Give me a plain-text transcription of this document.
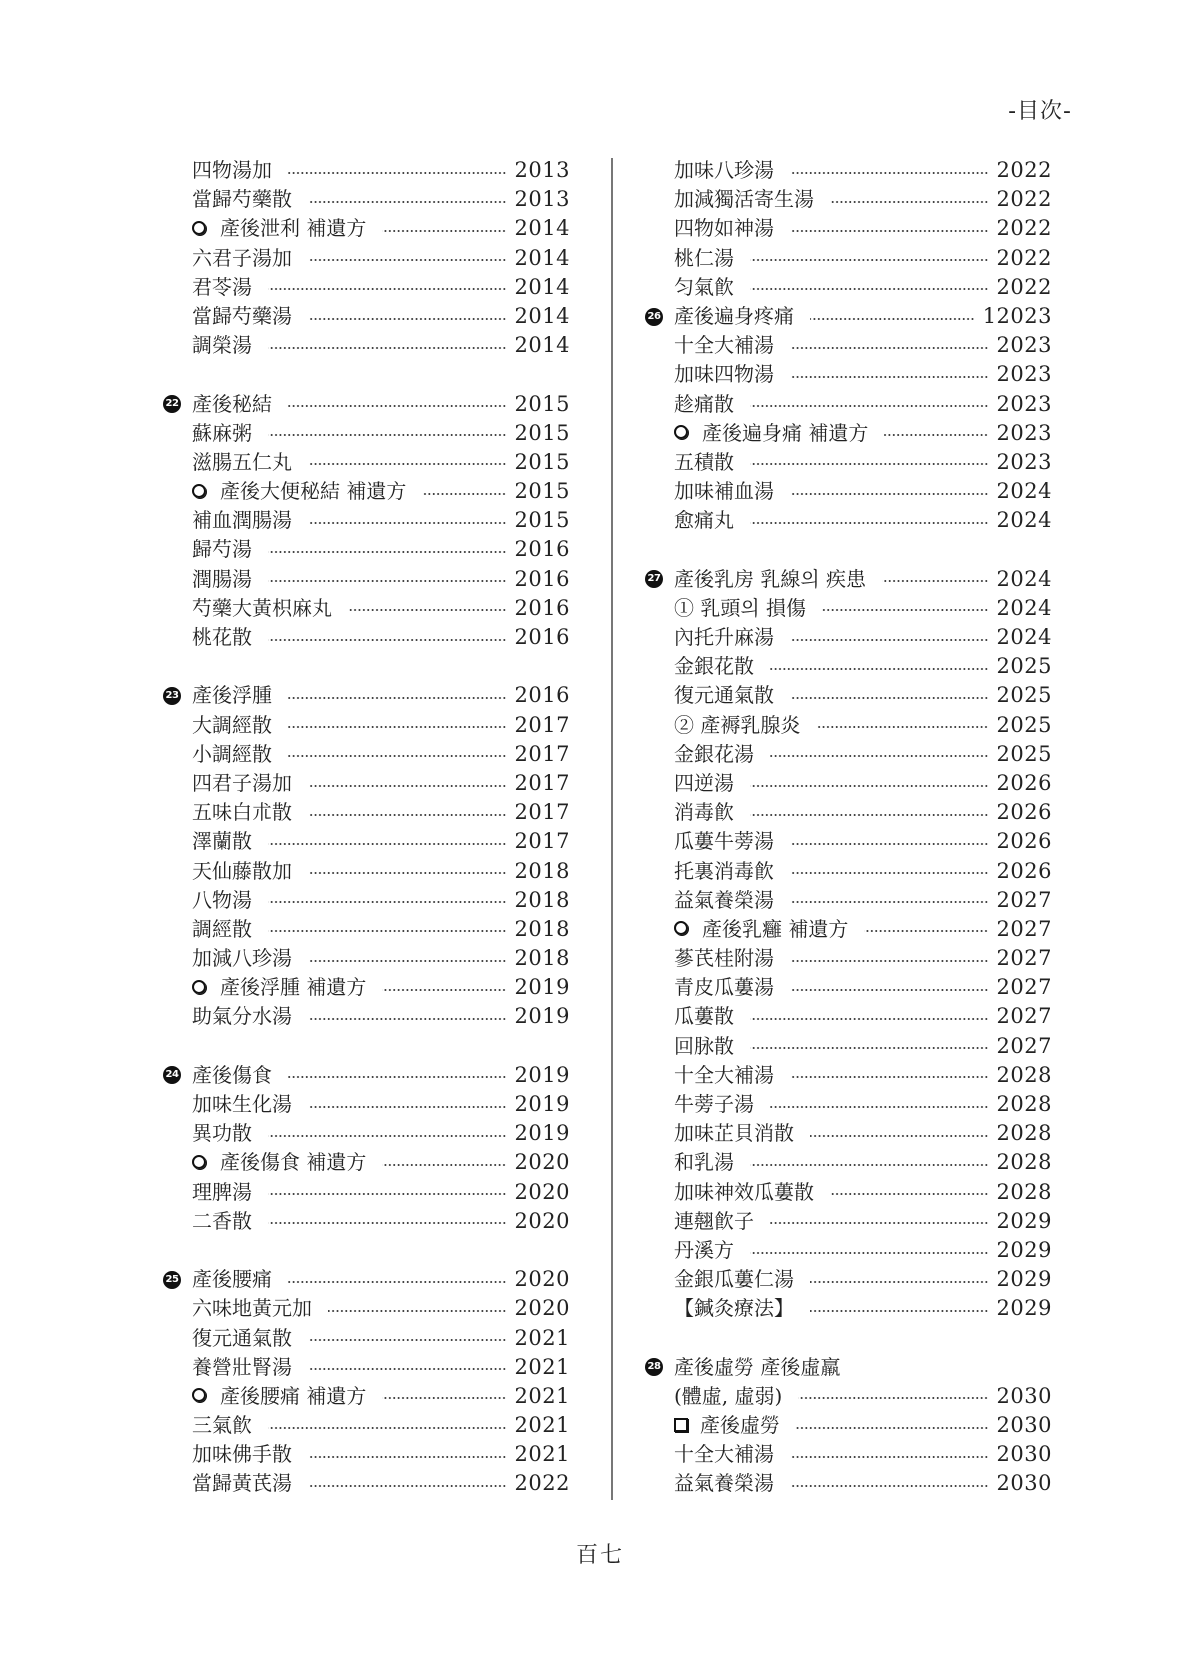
-目次-
四物湯加	2013
當歸芍藥散	2013
產後泄利 補遺方	2014
六君子湯加	2014
君苓湯	2014
當歸芍藥湯	2014
調榮湯	2014
22 產後秘結	2015
蘇麻粥	2015
滋腸五仁丸	2015
產後大便秘結 補遺方	2015
補血潤腸湯	2015
歸芍湯	2016
潤腸湯	2016
芍藥大黃枳麻丸	2016
桃花散	2016
23 產後浮腫	2016
大調經散	2017
小調經散	2017
四君子湯加	2017
五味白朮散	2017
澤蘭散	2017
天仙藤散加	2018
八物湯	2018
調經散	2018
加減八珍湯	2018
產後浮腫 補遺方	2019
助氣分水湯	2019
24 產後傷食	2019
加味生化湯	2019
異功散	2019
產後傷食 補遺方	2020
理脾湯	2020
二香散	2020
25 產後腰痛	2020
六味地黃元加	2020
復元通氣散	2021
養營壯腎湯	2021
產後腰痛 補遺方	2021
三氣飮	2021
加味佛手散	2021
當歸黃芪湯	2022
加味八珍湯	2022
加減獨活寄生湯	2022
四物如神湯	2022
桃仁湯	2022
匀氣飮	2022
26 產後遍身疼痛	12023
十全大補湯	2023
加味四物湯	2023
趁痛散	2023
產後遍身痛 補遺方	2023
五積散	2023
加味補血湯	2024
愈痛丸	2024
27 產後乳房 乳線의 疾患	2024
① 乳頭의 損傷	2024
內托升麻湯	2024
金銀花散	2025
復元通氣散	2025
② 產褥乳腺炎	2025
金銀花湯	2025
四逆湯	2026
消毒飮	2026
瓜蔞牛蒡湯	2026
托裏消毒飮	2026
益氣養榮湯	2027
產後乳癰 補遺方	2027
蔘芪桂附湯	2027
青皮瓜蔞湯	2027
瓜蔞散	2027
回脉散	2027
十全大補湯	2028
牛蒡子湯	2028
加味芷貝消散	2028
和乳湯	2028
加味神效瓜蔞散	2028
連翹飮子	2029
丹溪方	2029
金銀瓜蔞仁湯	2029
【鍼灸療法】	2029
28 產後虛勞 產後虛羸
(體虛, 虛弱)	2030
產後虛勞	2030
十全大補湯	2030
益氣養榮湯	2030
百七
